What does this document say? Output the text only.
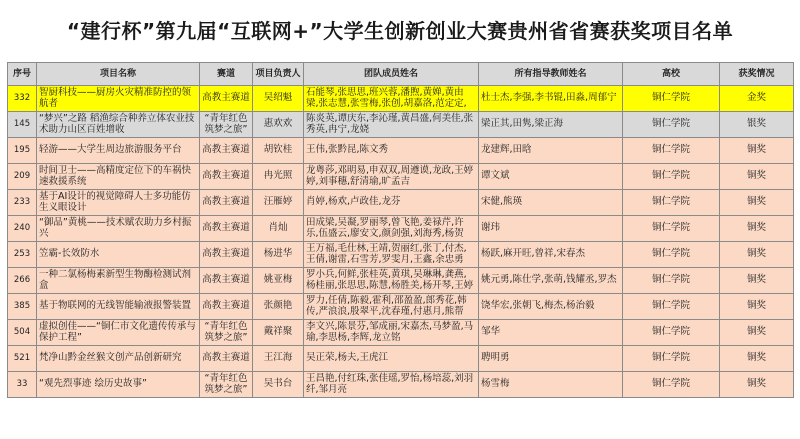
“建行杯”第九届“互联网+”大学生创新创业大赛贵州省省赛获奖项目名单
序号	项目名称	赛道	项目负责人	团队成员姓名	所有指导教师姓名	高校	获奖情况
332	智厨科技——厨房火灾精准防控的领航者	高教主赛道	吴绍魁	石能琴,张思思,班兴蓉,潘煦,黄婵,黄由梁,张志慧,张雪梅,张创,胡嘉洛,范定定,	杜士杰,李强,李书锟,田淼,周郁宁	铜仁学院	金奖
145	“梦兴”之路 稻渔综合种养立体农业技术助力山区百姓增收	“青年红色筑梦之旅”	惠欢欢	陈炎英,谭庆东,李沁瑾,黄昌盛,何美佳,张秀英,冉宁,龙娆	梁正其,田隽,梁正海	铜仁学院	银奖
195	轻游——大学生周边旅游服务平台	高教主赛道	胡钦桂	王伟,张黔昆,陈文秀	龙建辉,田晗	铜仁学院	铜奖
209	时间卫士——高精度定位下的车祸快速救援系统	高教主赛道	冉光照	龙粤莎,邓明易,申双双,周遵谟,龙政,王婷婷,刘事穗,舒清瑜,旷孟吉	谭文斌	铜仁学院	铜奖
233	基于AI设计的视觉障碍人士多功能仿生义眼设计	高教主赛道	汪雁婷	肖婷,杨欢,卢政佳,龙芬	宋健,熊瑛	铜仁学院	铜奖
240	“御品”黄桃——技术赋农助力乡村振兴	高教主赛道	肖灿	田成梁,吴凝,罗丽琴,曾飞艳,姜禄芹,许乐,伍盛云,廖安文,颜剑强,刘海秀,杨贺	谢玮	铜仁学院	铜奖
253	笠霸-长效防水	高教主赛道	杨进华	王万福,毛仕林,王靖,贺丽红,张丁,付杰,王倩,谢雷,石雪芳,罗雯月,王鑫,余忠勇	杨跃,麻开旺,曾祥,宋春杰	铜仁学院	铜奖
266	一种二氯杨梅素新型生物酶检测试剂盒	高教主赛道	姚亚梅	罗小兵,何鲜,张桂英,黄琪,吴琳琳,龚燕,杨桂丽,张思思,陈慧,杨胜美,杨开琴,王婷	姚元勇,陈仕学,张萌,钱耀丞,罗杰	铜仁学院	铜奖
385	基于物联网的无线智能输液报警装置	高教主赛道	张颜艳	罗力,任倩,陈毅,霍利,邵盈盈,郎秀花,韩传,严浪浪,殷翠平,沈春瑾,付惠月,熊帮	饶华宏,张朝飞,梅杰,杨治毅	铜仁学院	铜奖
504	虚拟创佳——“铜仁市文化遗传传承与保护工程”	“青年红色筑梦之旅”	戴祥聚	李文兴,陈景芬,邹成丽,宋嘉杰,马梦盈,马瑜,李思杨,李辉,龙立铭	邹华	铜仁学院	铜奖
521	梵净山黔金丝猴文创产品创新研究	高教主赛道	王江海	吴正荣,杨夫,王虎江	聘明勇	铜仁学院	铜奖
33	“观先烈事迹 绘历史故事”	“青年红色筑梦之旅”	吴书台	王昌艳,付红珠,张佳瑶,罗怡,杨培蕊,刘羽纤,邹月亮	杨雪梅	铜仁学院	铜奖
